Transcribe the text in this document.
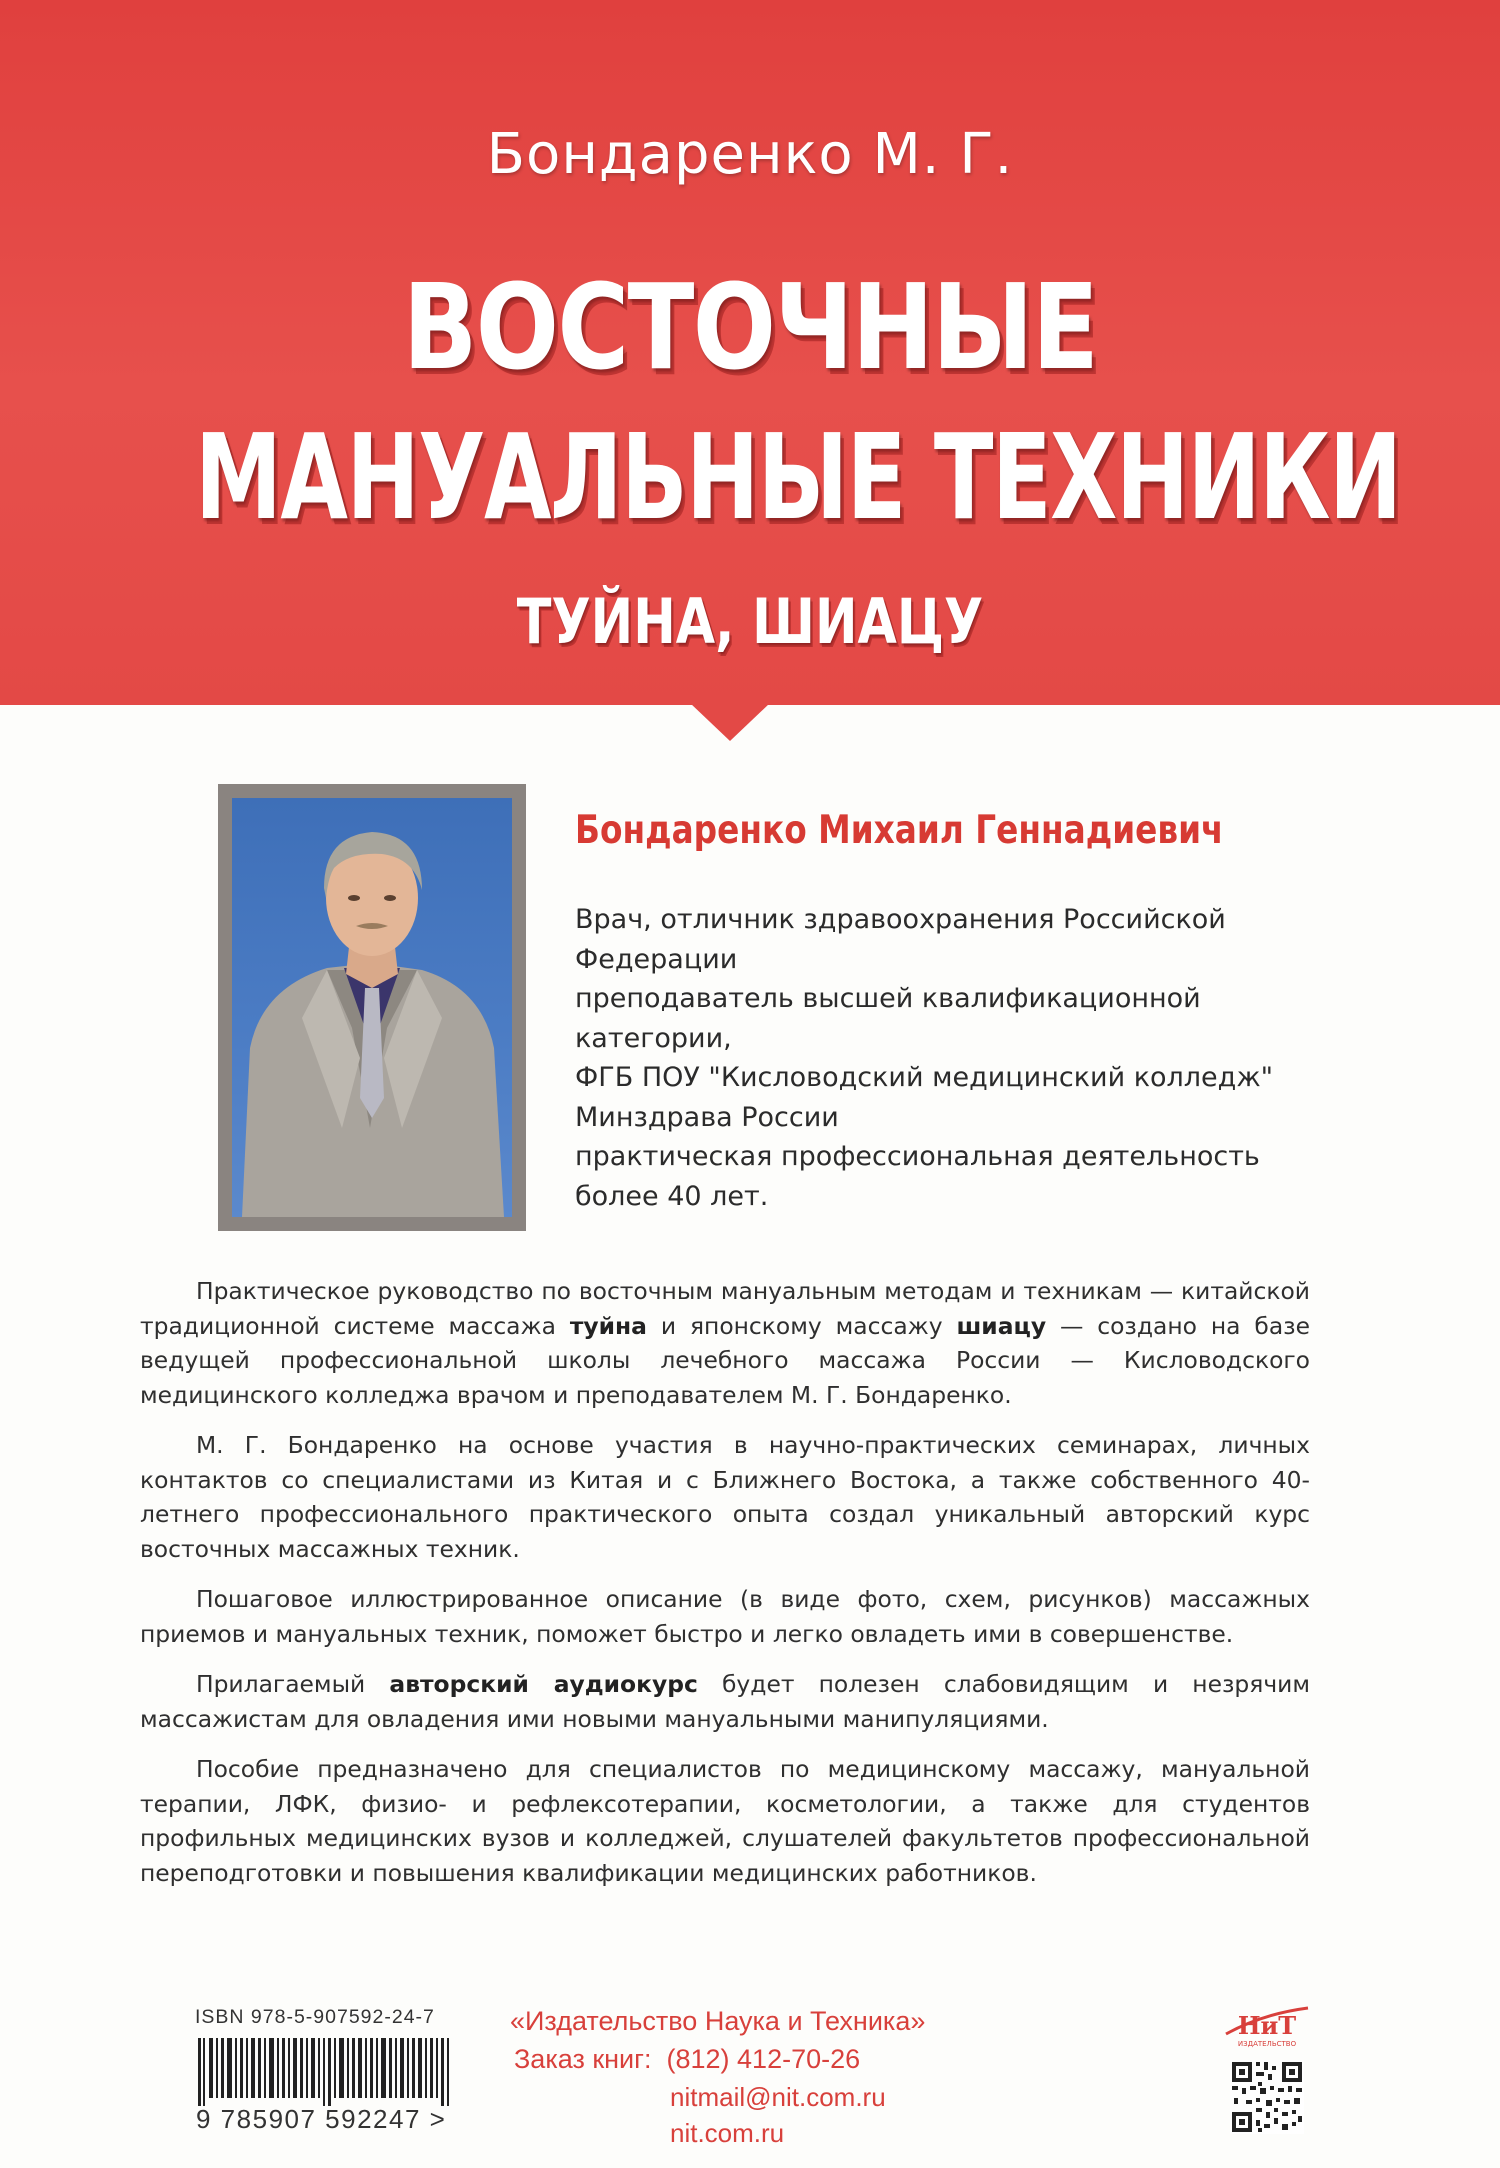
Бондаренко М. Г.
ВОСТОЧНЫЕ
МАНУАЛЬНЫЕ ТЕХНИКИ
ТУЙНА, ШИАЦУ
Бондаренко Михаил Геннадиевич
Врач, отличник здравоохранения Российской
Федерации
преподаватель высшей квалификационной
категории,
ФГБ ПОУ "Кисловодский медицинский колледж"
Минздрава России
практическая профессиональная деятельность
более 40 лет.

Практическое руководство по восточным мануальным методам и техникам — китайской традиционной системе массажа туйна и японскому массажу шиацу — создано на базе ведущей профессиональной школы лечебного массажа России — Кисловодского медицинского колледжа врачом и преподавателем М. Г. Бондаренко.

М. Г. Бондаренко на основе участия в научно-практических семинарах, личных контактов со специалистами из Китая и с Ближнего Востока, а также собственного 40-летнего профессионального практического опыта создал уникальный авторский курс восточных массажных техник.

Пошаговое иллюстрированное описание (в виде фото, схем, рисунков) массажных приемов и мануальных техник, поможет быстро и легко овладеть ими в совершенстве.

Прилагаемый авторский аудиокурс будет полезен слабовидящим и незрячим массажистам для овладения ими новыми мануальными манипуляциями.

Пособие предназначено для специалистов по медицинскому массажу, мануальной терапии, ЛФК, физио- и рефлексотерапии, косметологии, а также для студентов профильных медицинских вузов и колледжей, слушателей факультетов профессиональной переподготовки и повышения квалификации медицинских работников.

ISBN 978-5-907592-24-7
9 785907 592247 >
«Издательство Наука и Техника»
Заказ книг: (812) 412-70-26
nitmail@nit.com.ru
nit.com.ru
НиТ
ИЗДАТЕЛЬСТВО
